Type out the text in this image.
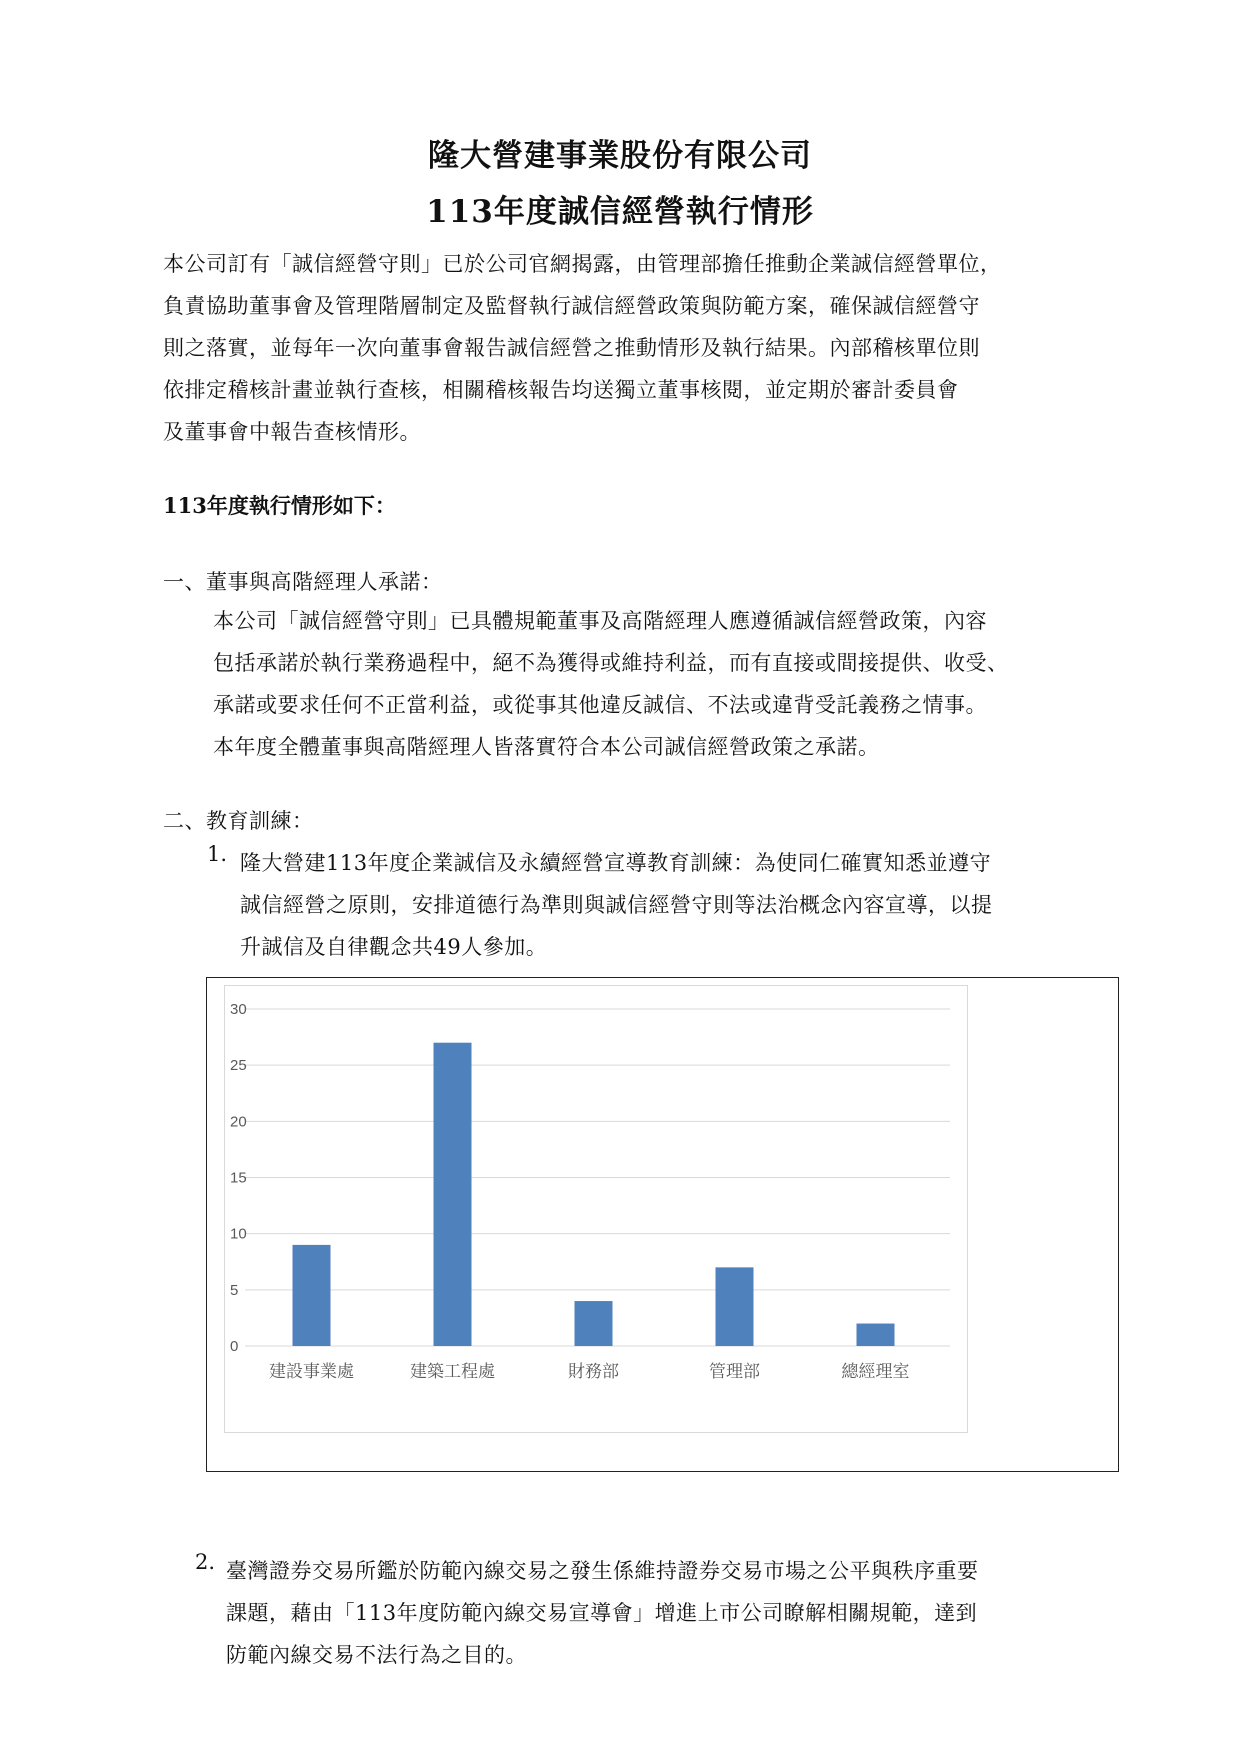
隆大營建事業股份有限公司
113年度誠信經營執行情形
本公司訂有「誠信經營守則」已於公司官網揭露，由管理部擔任推動企業誠信經營單位，
負責協助董事會及管理階層制定及監督執行誠信經營政策與防範方案，確保誠信經營守
則之落實，並每年一次向董事會報告誠信經營之推動情形及執行結果。內部稽核單位則
依排定稽核計畫並執行查核，相關稽核報告均送獨立董事核閱，並定期於審計委員會
及董事會中報告查核情形。
113年度執行情形如下：
一、董事與高階經理人承諾：
本公司「誠信經營守則」已具體規範董事及高階經理人應遵循誠信經營政策，內容
包括承諾於執行業務過程中，絕不為獲得或維持利益，而有直接或間接提供、收受、
承諾或要求任何不正當利益，或從事其他違反誠信、不法或違背受託義務之情事。
本年度全體董事與高階經理人皆落實符合本公司誠信經營政策之承諾。
二、教育訓練：
1. 隆大營建113年度企業誠信及永續經營宣導教育訓練：為使同仁確實知悉並遵守
誠信經營之原則，安排道德行為準則與誠信經營守則等法治概念內容宣導，以提
升誠信及自律觀念共49人參加。
0
5
10
15
20
25
30
建設事業處	建築工程處	財務部	管理部	總經理室
2. 臺灣證券交易所鑑於防範內線交易之發生係維持證券交易市場之公平與秩序重要
課題，藉由「113年度防範內線交易宣導會」增進上市公司瞭解相關規範，達到
防範內線交易不法行為之目的。
